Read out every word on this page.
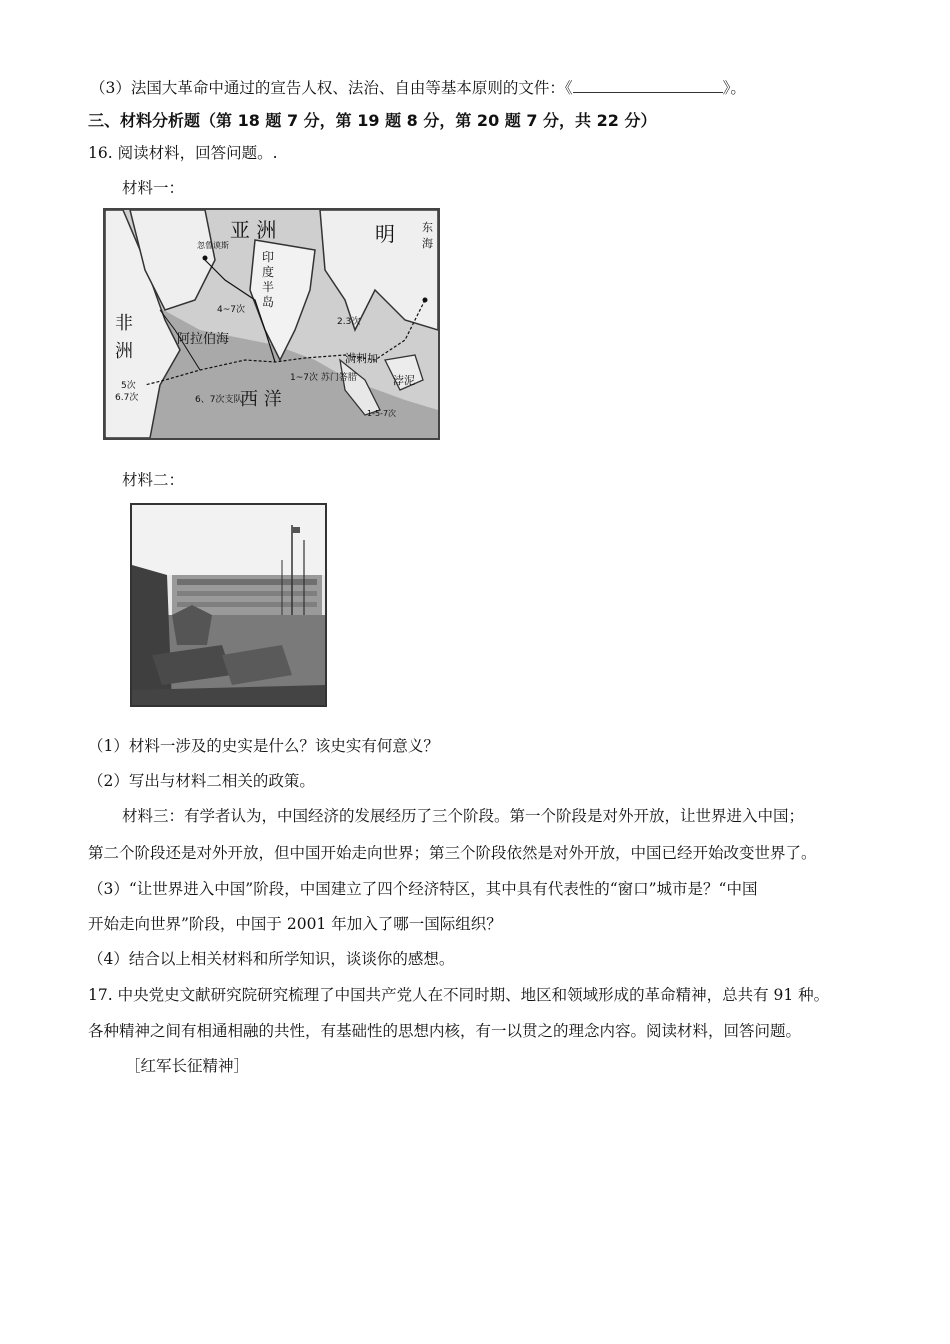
（3）法国大革命中通过的宣告人权、法治、自由等基本原则的文件：《	》。
三、材料分析题（第 18 题 7 分，第 19 题 8 分，第 20 题 7 分，共 22 分）
16. 阅读材料，回答问题。.
材料一：
亚 洲	明
印
度
半
岛
非
洲
阿拉伯海
西 洋
东
海
满剌加
浡泥
1~7次 苏门答腊
忽鲁谟斯
4~7次
5次
6.7次	6、7次支队
2.3次
1-5-7次
材料二：
（1）材料一涉及的史实是什么？该史实有何意义？
（2）写出与材料二相关的政策。
材料三：有学者认为，中国经济的发展经历了三个阶段。第一个阶段是对外开放，让世界进入中国；
第二个阶段还是对外开放，但中国开始走向世界；第三个阶段依然是对外开放，中国已经开始改变世界了。
（3）“让世界进入中国”阶段，中国建立了四个经济特区，其中具有代表性的“窗口”城市是？“中国
开始走向世界”阶段，中国于 2001 年加入了哪一国际组织？
（4）结合以上相关材料和所学知识，谈谈你的感想。
17. 中央党史文献研究院研究梳理了中国共产党人在不同时期、地区和领域形成的革命精神，总共有 91 种。
各种精神之间有相通相融的共性，有基础性的思想内核，有一以贯之的理念内容。阅读材料，回答问题。
［红军长征精神］
